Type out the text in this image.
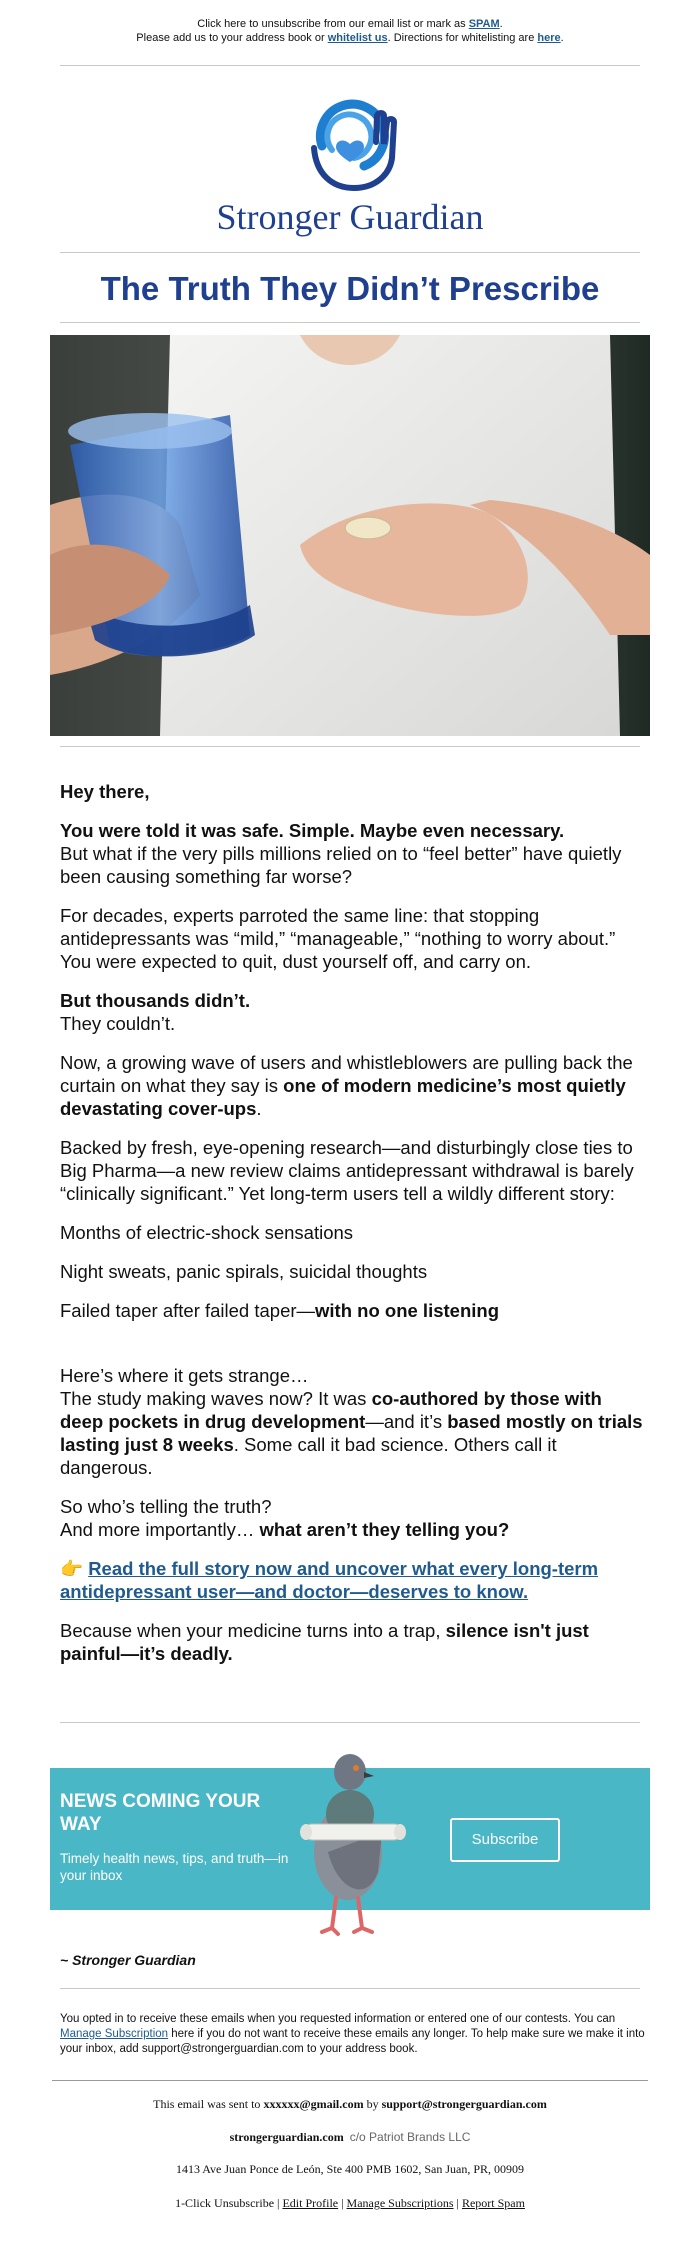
Click here to unsubscribe from our email list or mark as SPAM.
Please add us to your address book or whitelist us. Directions for whitelisting are here.
Stronger Guardian
The Truth They Didn’t Prescribe

Hey there,

You were told it was safe. Simple. Maybe even necessary.
But what if the very pills millions relied on to “feel better” have quietly been causing something far worse?

For decades, experts parroted the same line: that stopping antidepressants was “mild,” “manageable,” “nothing to worry about.” You were expected to quit, dust yourself off, and carry on.

But thousands didn’t.
They couldn’t.

Now, a growing wave of users and whistleblowers are pulling back the curtain on what they say is one of modern medicine’s most quietly devastating cover-ups.

Backed by fresh, eye-opening research—and disturbingly close ties to Big Pharma—a new review claims antidepressant withdrawal is barely “clinically significant.” Yet long-term users tell a wildly different story:

Months of electric-shock sensations

Night sweats, panic spirals, suicidal thoughts

Failed taper after failed taper—with no one listening

Here’s where it gets strange…
The study making waves now? It was co-authored by those with deep pockets in drug development—and it’s based mostly on trials lasting just 8 weeks. Some call it bad science. Others call it dangerous.

So who’s telling the truth?
And more importantly… what aren’t they telling you?

👉 Read the full story now and uncover what every long-term antidepressant user—and doctor—deserves to know.

Because when your medicine turns into a trap, silence isn't just painful—it’s deadly.

NEWS COMING YOUR WAY
Timely health news, tips, and truth—in your inbox
Subscribe
~ Stronger Guardian
You opted in to receive these emails when you requested information or entered one of our contests. You can Manage Subscription here if you do not want to receive these emails any longer. To help make sure we make it into your inbox, add support@strongerguardian.com to your address book.
This email was sent to xxxxxx@gmail.com by support@strongerguardian.com
strongerguardian.com c/o Patriot Brands LLC
1413 Ave Juan Ponce de León, Ste 400 PMB 1602, San Juan, PR, 00909
1-Click Unsubscribe | Edit Profile | Manage Subscriptions | Report Spam
